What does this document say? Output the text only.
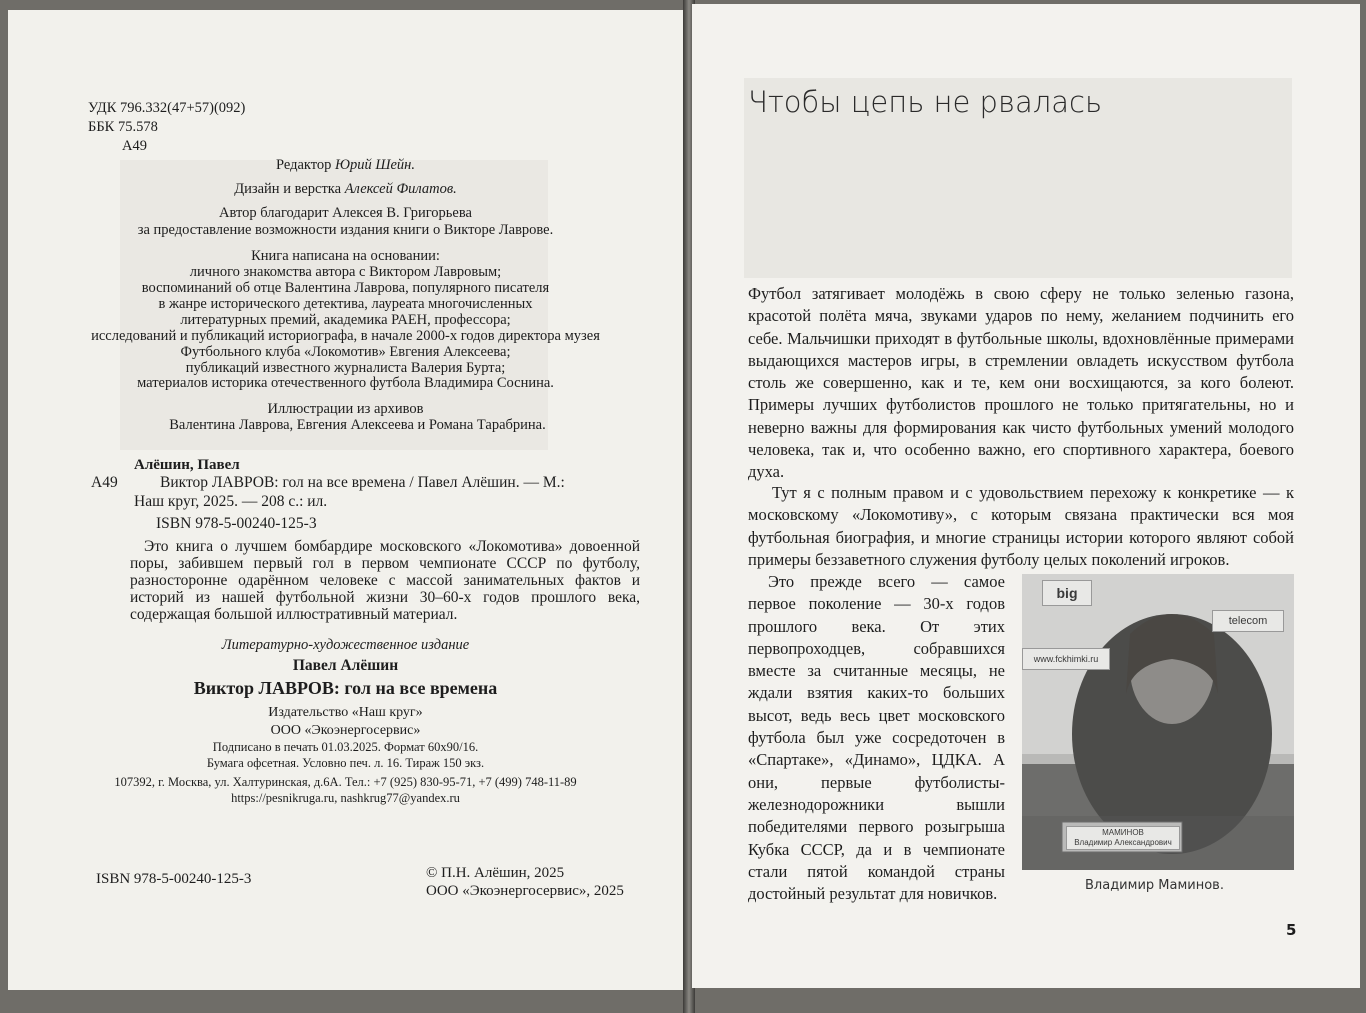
УДК 796.332(47+57)(092)
ББК 75.578
А49
Редактор Юрий Шейн.
Дизайн и верстка Алексей Филатов.
Автор благодарит Алексея В. Григорьева
за предоставление возможности издания книги о Викторе Лаврове.
Книга написана на основании:
личного знакомства автора с Виктором Лавровым;
воспоминаний об отце Валентина Лаврова, популярного писателя
в жанре исторического детектива, лауреата многочисленных
литературных премий, академика РАЕН, профессора;
исследований и публикаций историографа, в начале 2000-х годов директора музея
Футбольного клуба «Локомотив» Евгения Алексеева;
публикаций известного журналиста Валерия Бурта;
материалов историка отечественного футбола Владимира Соснина.
Иллюстрации из архивов
Валентина Лаврова, Евгения Алексеева и Романа Тарабрина.
Алёшин, Павел
А49	Виктор ЛАВРОВ: гол на все времена / Павел Алёшин. — М.:
Наш круг, 2025. — 208 с.: ил.
ISBN 978-5-00240-125-3
Это книга о лучшем бомбардире московского «Локомотива» довоенной поры, забившем первый гол в первом чемпионате СССР по футболу, разносторонне одарённом человеке с массой занимательных фактов и историй из нашей футбольной жизни 30–60-х годов прошлого века, содержащая большой иллюстративный материал.
Литературно-художественное издание
Павел Алёшин
Виктор ЛАВРОВ: гол на все времена
Издательство «Наш круг»
ООО «Экоэнергосервис»
Подписано в печать 01.03.2025. Формат 60x90/16.
Бумага офсетная. Условно печ. л. 16. Тираж 150 экз.
107392, г. Москва, ул. Халтуринская, д.6А. Тел.: +7 (925) 830-95-71, +7 (499) 748-11-89
https://pesnikruga.ru, nashkrug77@yandex.ru
ISBN 978-5-00240-125-3	© П.Н. Алёшин, 2025
ООО «Экоэнергосервис», 2025
Чтобы цепь не рвалась
Футбол затягивает молодёжь в свою сферу не только зеленью газона, красотой полёта мяча, звуками ударов по нему, желанием подчинить его себе. Мальчишки приходят в футбольные школы, вдохновлённые примерами выдающихся мастеров игры, в стремлении овладеть искусством футбола столь же совершенно, как и те, кем они восхищаются, за кого болеют. Примеры лучших футболистов прошлого не только притягательны, но и неверно важны для формирования как чисто футбольных умений молодого человека, так и, что особенно важно, его спортивного характера, боевого духа.
Тут я с полным правом и с удовольствием перехожу к конкретике — к московскому «Локомотиву», с которым связана практически вся моя футбольная биография, и многие страницы истории которого являют собой примеры беззаветного служения футболу целых поколений игроков.
Это прежде всего — самое первое поколение — 30-х годов прошлого века. От этих первопроходцев, собравшихся вместе за считанные месяцы, не ждали взятия каких-то больших высот, ведь весь цвет московского футбола был уже сосредоточен в «Спартаке», «Динамо», ЦДКА. А они, первые футболисты-железнодорожники вышли победителями первого розыгрыша Кубка СССР, да и в чемпионате стали пятой командой страны достойный результат для новичков.
big
telecom
www.fckhimki.ru
МАМИНОВ
Владимир Александрович
Владимир Маминов.
5
